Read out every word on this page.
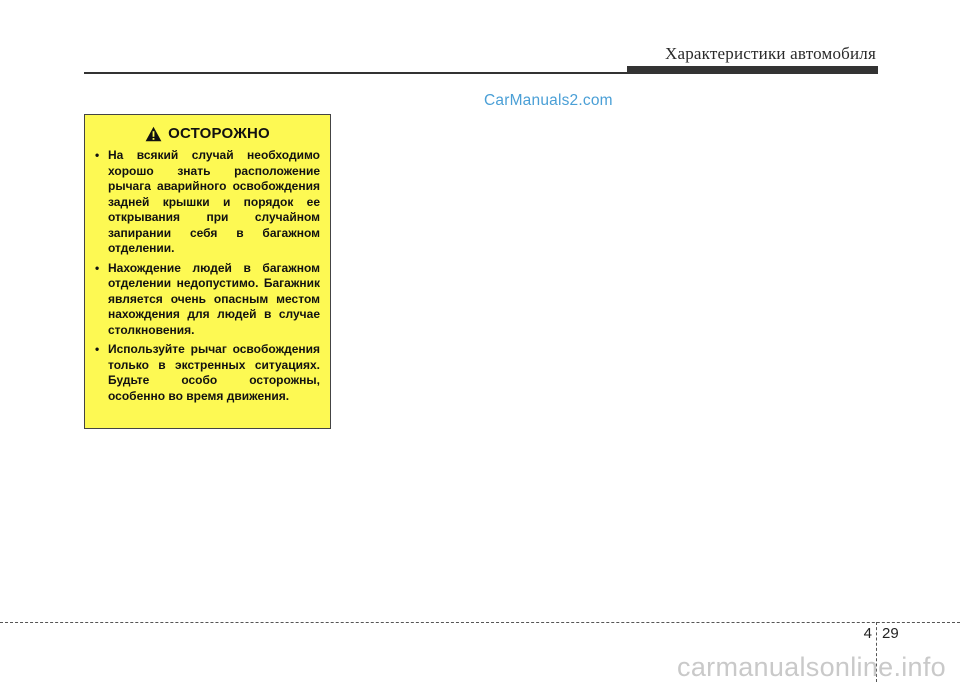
Характеристики автомобиля
CarManuals2.com
ОСТОРОЖНО
• На всякий случай необходимо хорошо знать расположение рычага аварийного освобождения задней крышки и порядок ее открывания при случайном запирании себя в багажном отделении.
• Нахождение людей в багажном отделении недопустимо. Багажник является очень опасным местом нахождения для людей в случае столкновения.
• Используйте рычаг освобождения только в экстренных ситуациях. Будьте особо осторожны, особенно во время движения.
4 29
carmanualsonline.info
